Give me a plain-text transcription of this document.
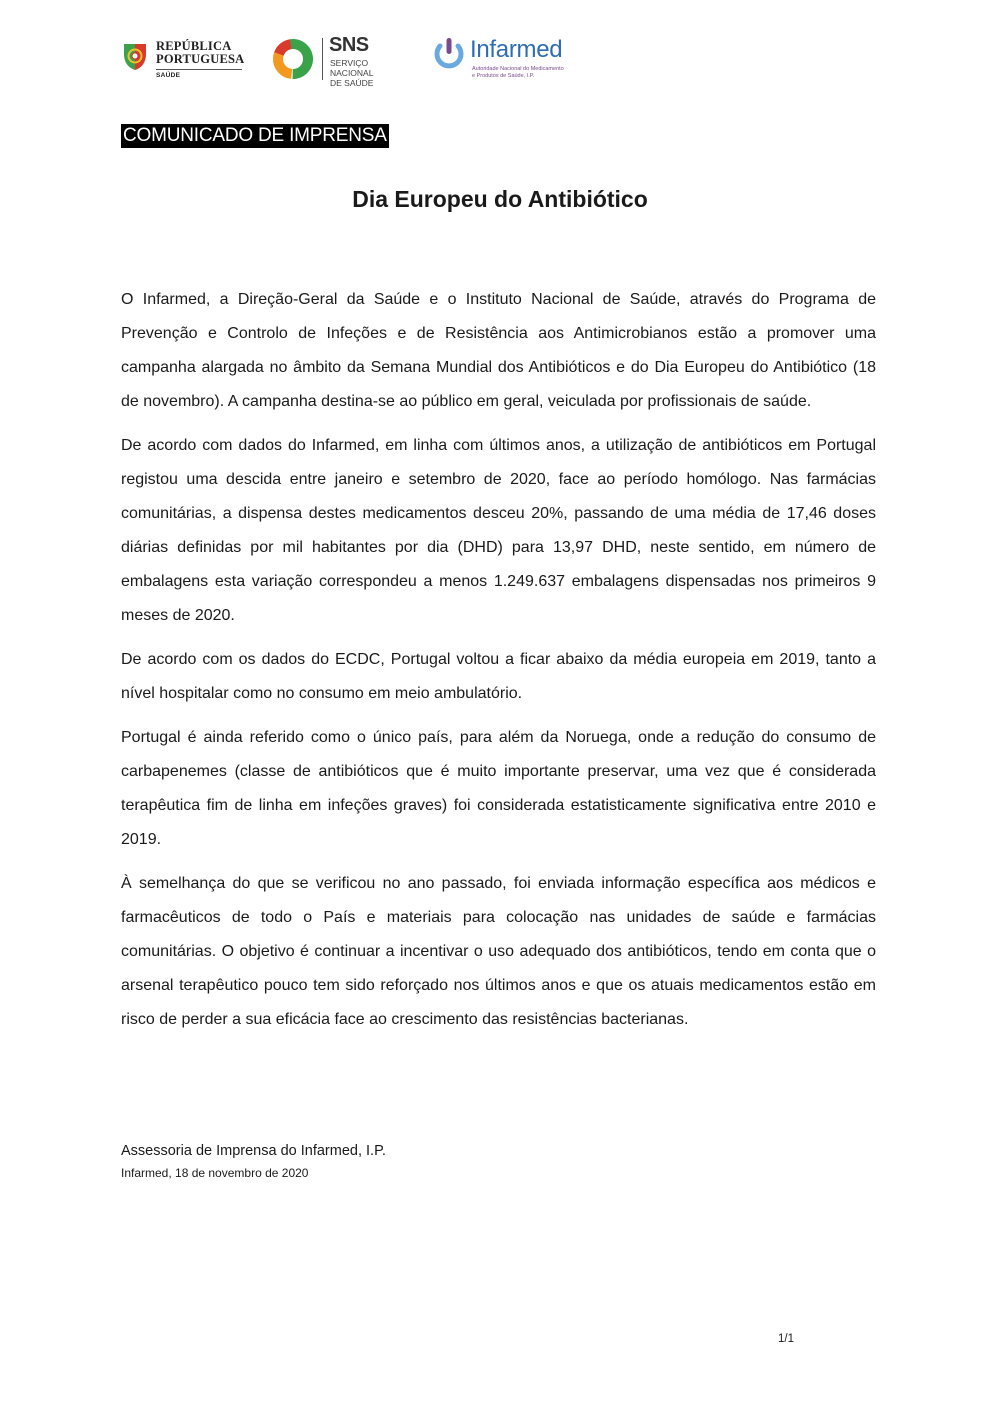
REPÚBLICA
PORTUGUESA
SAÚDE
SNS
SERVIÇO NACIONAL
DE SAÚDE
Infarmed
Autoridade Nacional do Medicamento
e Produtos de Saúde, I.P.
COMUNICADO DE IMPRENSA
Dia Europeu do Antibiótico

O Infarmed, a Direção-Geral da Saúde e o Instituto Nacional de Saúde, através do Programa de Prevenção e Controlo de Infeções e de Resistência aos Antimicrobianos estão a promover uma campanha alargada no âmbito da Semana Mundial dos Antibióticos e do Dia Europeu do Antibiótico (18 de novembro). A campanha destina-se ao público em geral, veiculada por profissionais de saúde.

De acordo com dados do Infarmed, em linha com últimos anos, a utilização de antibióticos em Portugal registou uma descida entre janeiro e setembro de 2020, face ao período homólogo. Nas farmácias comunitárias, a dispensa destes medicamentos desceu 20%, passando de uma média de 17,46 doses diárias definidas por mil habitantes por dia (DHD) para 13,97 DHD, neste sentido, em número de embalagens esta variação correspondeu a menos 1.249.637 embalagens dispensadas nos primeiros 9 meses de 2020.

De acordo com os dados do ECDC, Portugal voltou a ficar abaixo da média europeia em 2019, tanto a nível hospitalar como no consumo em meio ambulatório.

Portugal é ainda referido como o único país, para além da Noruega, onde a redução do consumo de carbapenemes (classe de antibióticos que é muito importante preservar, uma vez que é considerada terapêutica fim de linha em infeções graves) foi considerada estatisticamente significativa entre 2010 e 2019.

À semelhança do que se verificou no ano passado, foi enviada informação específica aos médicos e farmacêuticos de todo o País e materiais para colocação nas unidades de saúde e farmácias comunitárias. O objetivo é continuar a incentivar o uso adequado dos antibióticos, tendo em conta que o arsenal terapêutico pouco tem sido reforçado nos últimos anos e que os atuais medicamentos estão em risco de perder a sua eficácia face ao crescimento das resistências bacterianas.

Assessoria de Imprensa do Infarmed, I.P.
Infarmed, 18 de novembro de 2020
1/1
